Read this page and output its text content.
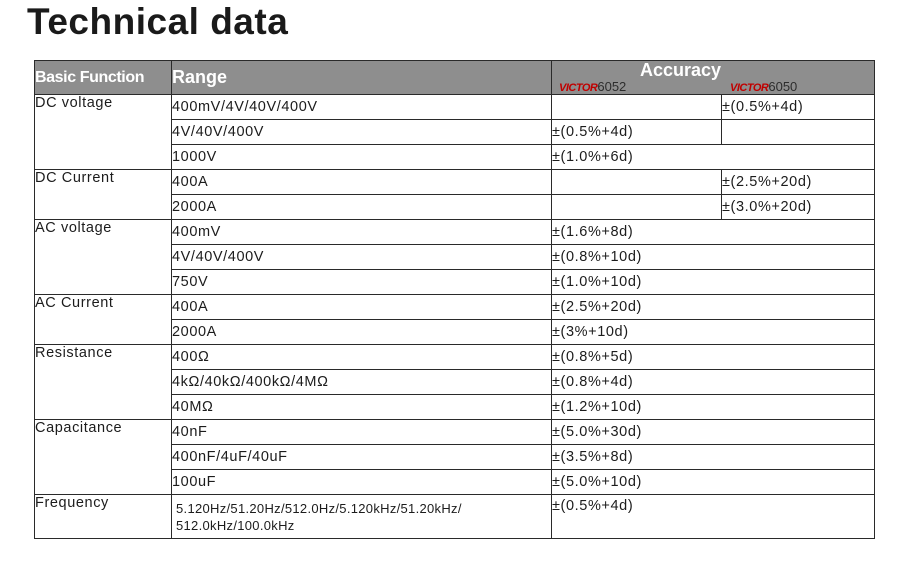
Technical data
Basic Function	Range	Accuracy
VICTOR6052 VICTOR6050	

DC voltage	400mV/4V/40V/400V		±(0.5%+4d)
	4V/40V/400V	±(0.5%+4d)	
	1000V	±(1.0%+6d)	
DC Current	400A		±(2.5%+20d)
	2000A		±(3.0%+20d)
AC voltage	400mV	±(1.6%+8d)	
	4V/40V/400V	±(0.8%+10d)	
	750V	±(1.0%+10d)	
AC Current	400A	±(2.5%+20d)	
	2000A	±(3%+10d)	
Resistance	400Ω	±(0.8%+5d)	
	4kΩ/40kΩ/400kΩ/4MΩ	±(0.8%+4d)	
	40MΩ	±(1.2%+10d)	
Capacitance	40nF	±(5.0%+30d)	
	400nF/4uF/40uF	±(3.5%+8d)	
	100uF	±(5.0%+10d)	
Frequency	5.120Hz/51.20Hz/512.0Hz/5.120kHz/51.20kHz/
512.0kHz/100.0kHz	±(0.5%+4d)	
